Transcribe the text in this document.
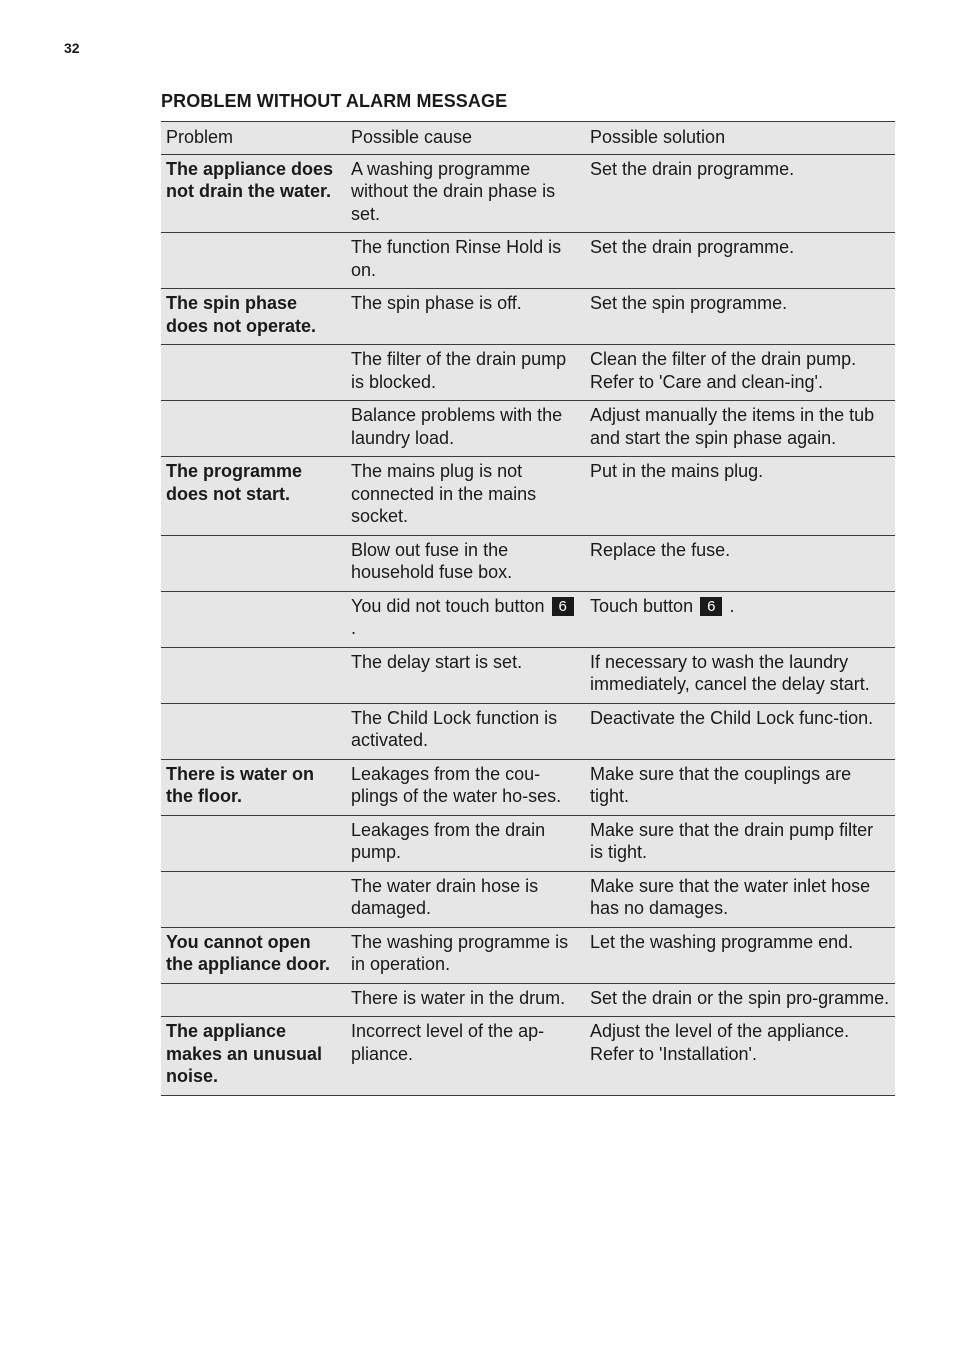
32
PROBLEM WITHOUT ALARM MESSAGE
Problem	Possible cause	Possible solution
The appliance does not drain the water.	A washing programme without the drain phase is set.	Set the drain programme.
	The function Rinse Hold is on.	Set the drain programme.
The spin phase does not operate.	The spin phase is off.	Set the spin programme.
	The filter of the drain pump is blocked.	Clean the filter of the drain pump. Refer to 'Care and clean-ing'.
	Balance problems with the laundry load.	Adjust manually the items in the tub and start the spin phase again.
The programme does not start.	The mains plug is not connected in the mains socket.	Put in the mains plug.
	Blow out fuse in the household fuse box.	Replace the fuse.
	You did not touch button 6 .	Touch button 6 .
	The delay start is set.	If necessary to wash the laundry immediately, cancel the delay start.
	The Child Lock function is activated.	Deactivate the Child Lock func-tion.
There is water on the floor.	Leakages from the cou-plings of the water ho-ses.	Make sure that the couplings are tight.
	Leakages from the drain pump.	Make sure that the drain pump filter is tight.
	The water drain hose is damaged.	Make sure that the water inlet hose has no damages.
You cannot open the appliance door.	The washing programme is in operation.	Let the washing programme end.
	There is water in the drum.	Set the drain or the spin pro-gramme.
The appliance makes an unusual noise.	Incorrect level of the ap-pliance.	Adjust the level of the appliance. Refer to 'Installation'.
